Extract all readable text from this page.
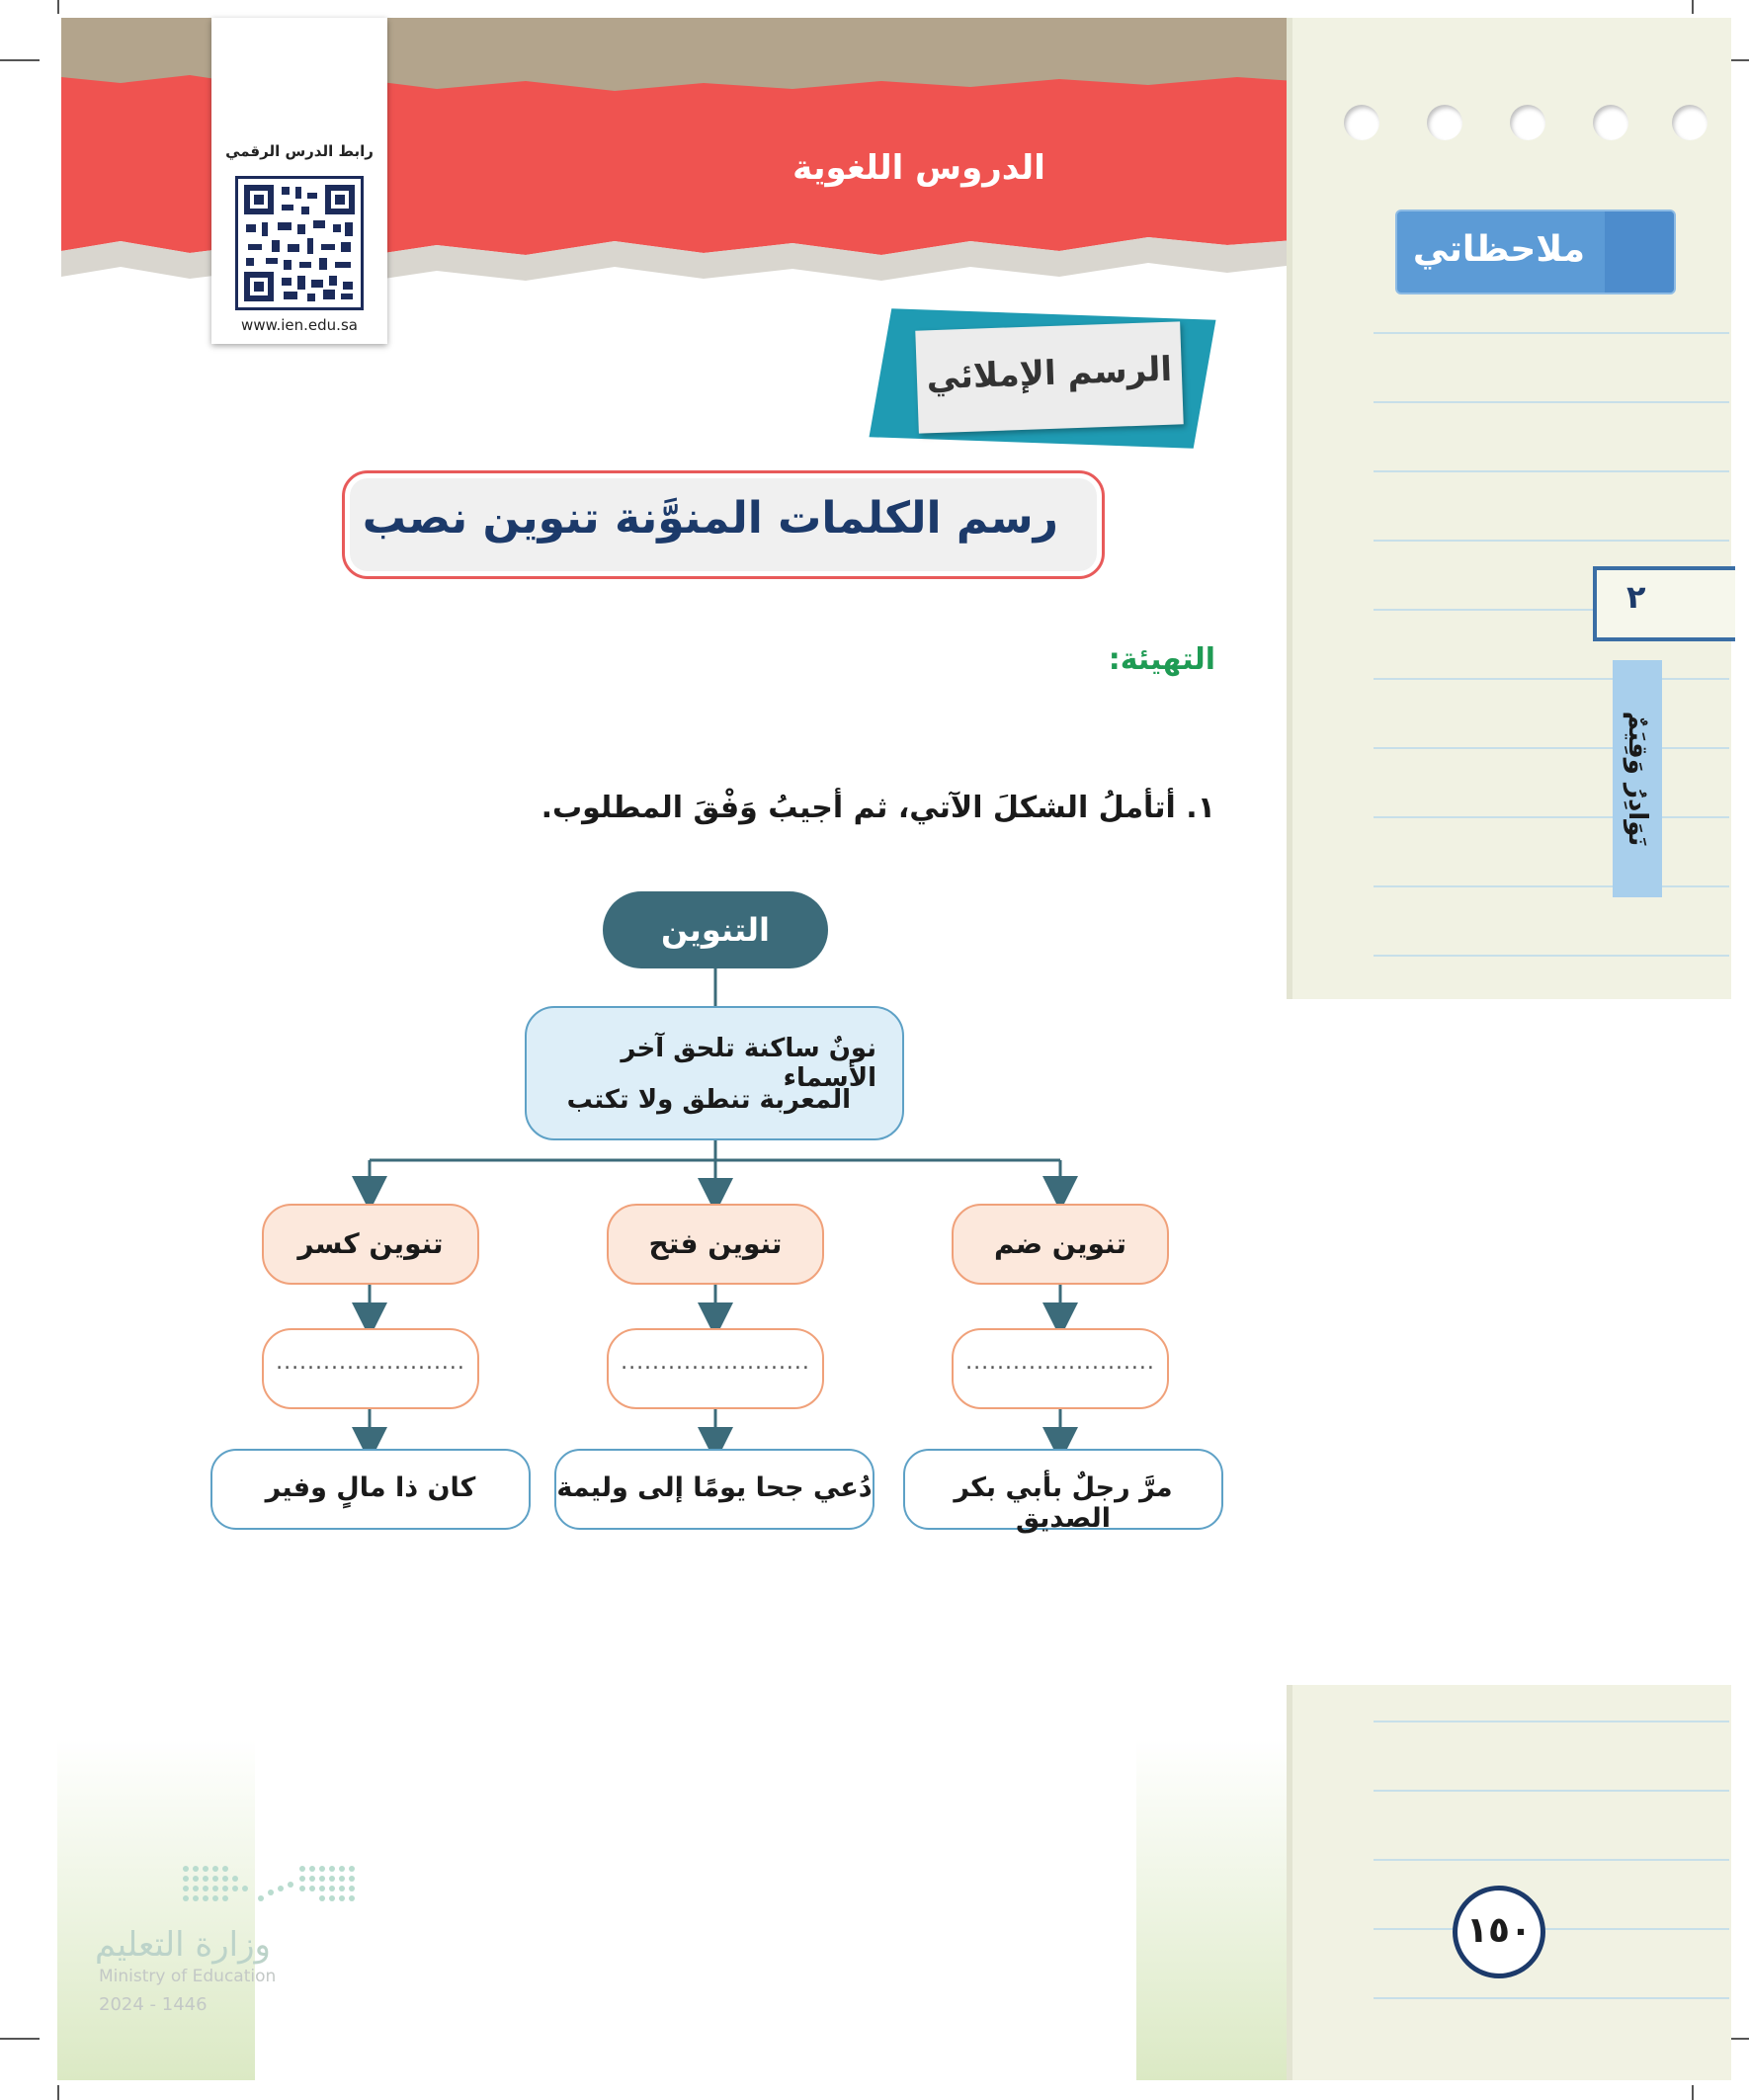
الدروس اللغوية
رابط الدرس الرقمي
www.ien.edu.sa
ملاحظاتي
٢
نَوَادِرُ وَقِيَمٌ
١٥٠
الرسم الإملائي
رسم الكلمات المنوَّنة تنوين نصب
التهيئة:
١. أتأملُ الشكلَ الآتي، ثم أجيبُ وَفْقَ المطلوب.
التنوين
نونٌ ساكنة تلحق آخر الأسماء
المعربة تنطق ولا تكتب
تنوين ضم
تنوين فتح
تنوين كسر
........................
........................
........................
مرَّ رجلٌ بأبي بكر الصديق
دُعي جحا يومًا إلى وليمة
كان ذا مالٍ وفير
وزارة التعليم
Ministry of Education
2024 - 1446
